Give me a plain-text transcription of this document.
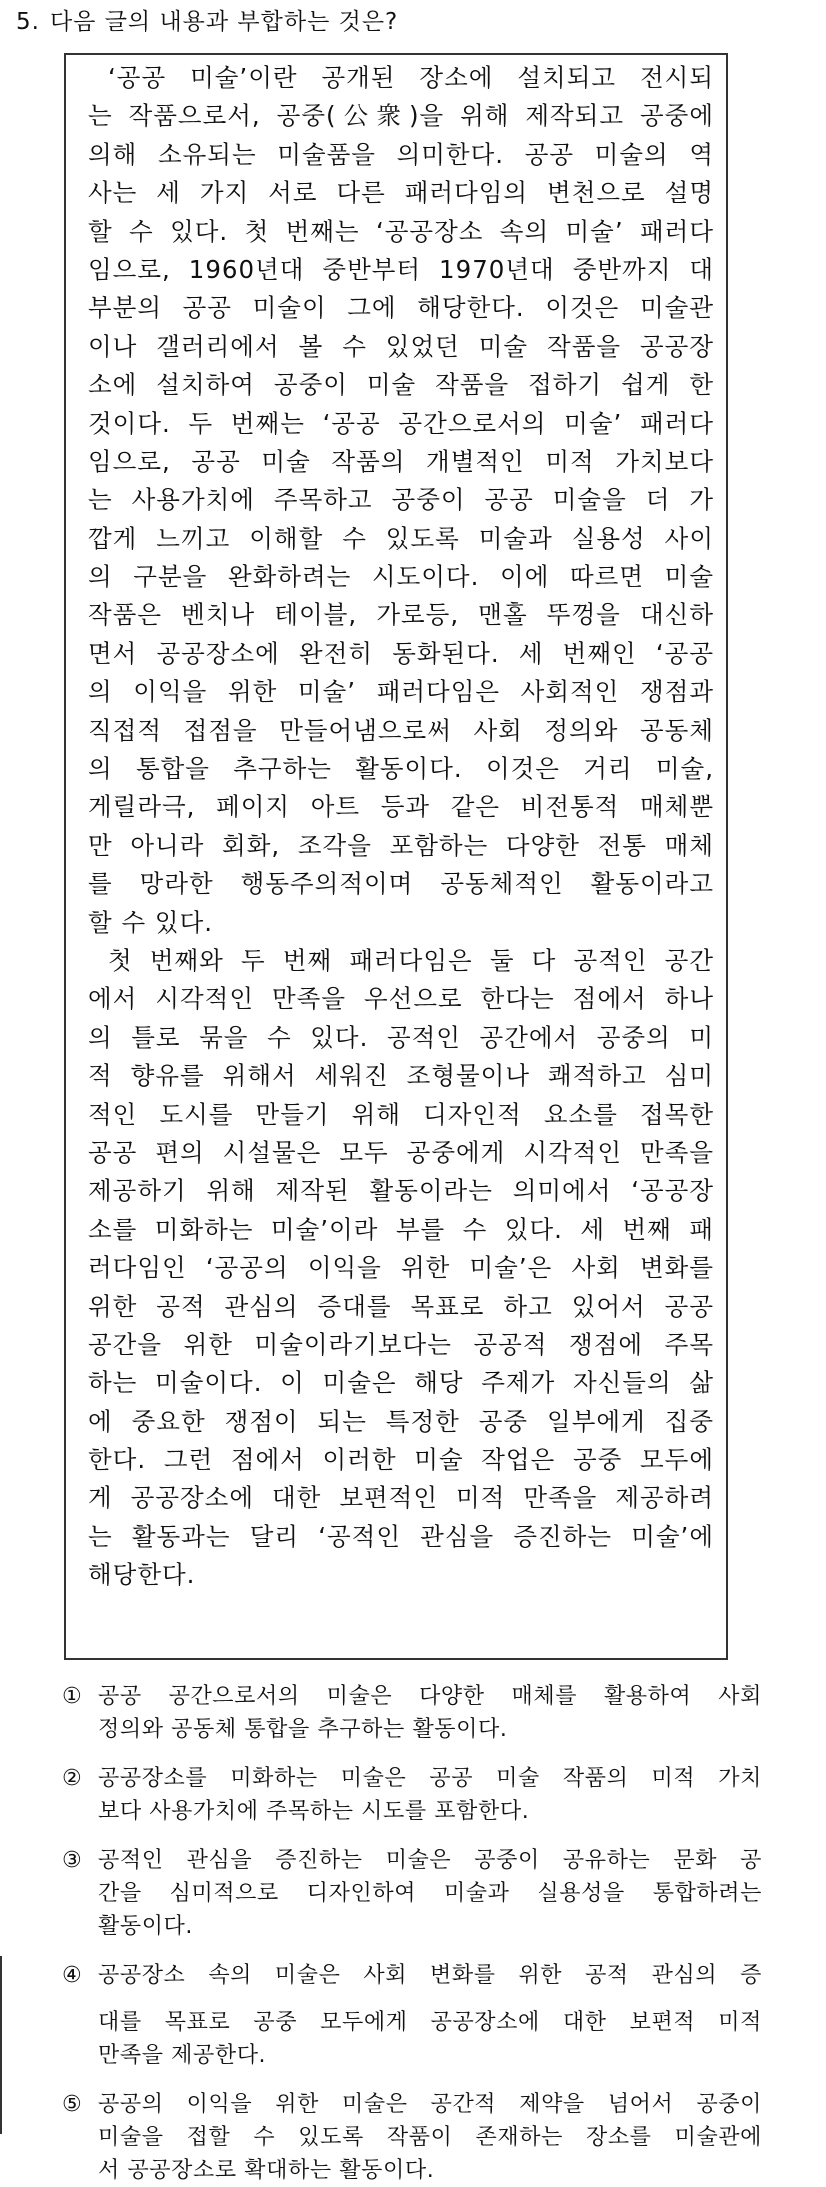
5. 다음 글의 내용과 부합하는 것은?
‘공공 미술’이란 공개된 장소에 설치되고 전시되
는 작품으로서, 공중(公衆)을 위해 제작되고 공중에
의해 소유되는 미술품을 의미한다. 공공 미술의 역
사는 세 가지 서로 다른 패러다임의 변천으로 설명
할 수 있다. 첫 번째는 ‘공공장소 속의 미술’ 패러다
임으로, 1960년대 중반부터 1970년대 중반까지 대
부분의 공공 미술이 그에 해당한다. 이것은 미술관
이나 갤러리에서 볼 수 있었던 미술 작품을 공공장
소에 설치하여 공중이 미술 작품을 접하기 쉽게 한
것이다. 두 번째는 ‘공공 공간으로서의 미술’ 패러다
임으로, 공공 미술 작품의 개별적인 미적 가치보다
는 사용가치에 주목하고 공중이 공공 미술을 더 가
깝게 느끼고 이해할 수 있도록 미술과 실용성 사이
의 구분을 완화하려는 시도이다. 이에 따르면 미술
작품은 벤치나 테이블, 가로등, 맨홀 뚜껑을 대신하
면서 공공장소에 완전히 동화된다. 세 번째인 ‘공공
의 이익을 위한 미술’ 패러다임은 사회적인 쟁점과
직접적 접점을 만들어냄으로써 사회 정의와 공동체
의 통합을 추구하는 활동이다. 이것은 거리 미술,
게릴라극, 페이지 아트 등과 같은 비전통적 매체뿐
만 아니라 회화, 조각을 포함하는 다양한 전통 매체
를 망라한 행동주의적이며 공동체적인 활동이라고
할 수 있다.
첫 번째와 두 번째 패러다임은 둘 다 공적인 공간
에서 시각적인 만족을 우선으로 한다는 점에서 하나
의 틀로 묶을 수 있다. 공적인 공간에서 공중의 미
적 향유를 위해서 세워진 조형물이나 쾌적하고 심미
적인 도시를 만들기 위해 디자인적 요소를 접목한
공공 편의 시설물은 모두 공중에게 시각적인 만족을
제공하기 위해 제작된 활동이라는 의미에서 ‘공공장
소를 미화하는 미술’이라 부를 수 있다. 세 번째 패
러다임인 ‘공공의 이익을 위한 미술’은 사회 변화를
위한 공적 관심의 증대를 목표로 하고 있어서 공공
공간을 위한 미술이라기보다는 공공적 쟁점에 주목
하는 미술이다. 이 미술은 해당 주제가 자신들의 삶
에 중요한 쟁점이 되는 특정한 공중 일부에게 집중
한다. 그런 점에서 이러한 미술 작업은 공중 모두에
게 공공장소에 대한 보편적인 미적 만족을 제공하려
는 활동과는 달리 ‘공적인 관심을 증진하는 미술’에
해당한다.
① 공공 공간으로서의 미술은 다양한 매체를 활용하여 사회
정의와 공동체 통합을 추구하는 활동이다.
② 공공장소를 미화하는 미술은 공공 미술 작품의 미적 가치
보다 사용가치에 주목하는 시도를 포함한다.
③ 공적인 관심을 증진하는 미술은 공중이 공유하는 문화 공
간을 심미적으로 디자인하여 미술과 실용성을 통합하려는
활동이다.
④ 공공장소 속의 미술은 사회 변화를 위한 공적 관심의 증
대를 목표로 공중 모두에게 공공장소에 대한 보편적 미적
만족을 제공한다.
⑤ 공공의 이익을 위한 미술은 공간적 제약을 넘어서 공중이
미술을 접할 수 있도록 작품이 존재하는 장소를 미술관에
서 공공장소로 확대하는 활동이다.
